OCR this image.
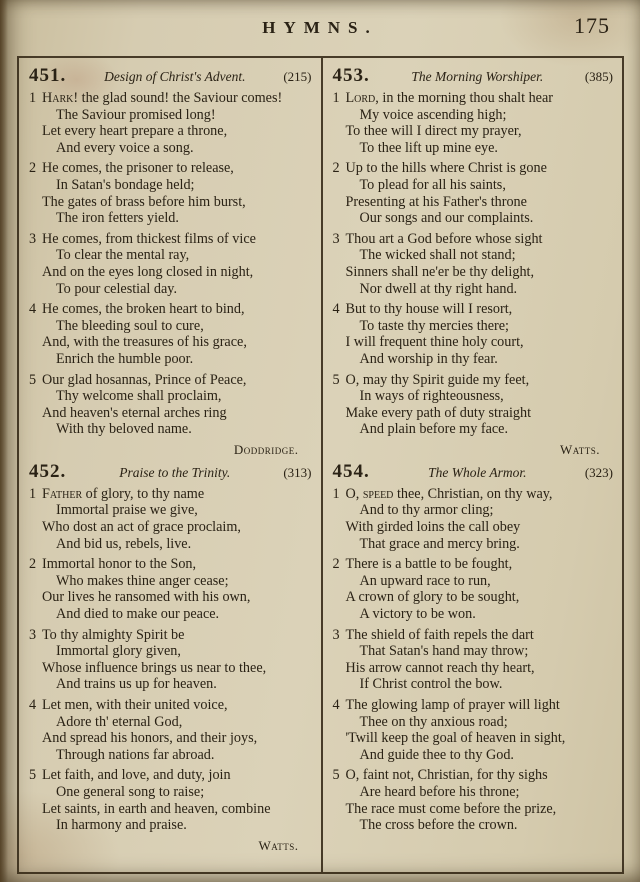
HYMNS.	175
451.	Design of Christ's Advent.	(215)
1 Hark! the glad sound! the Saviour comes!
The Saviour promised long!
Let every heart prepare a throne,
And every voice a song.
2 He comes, the prisoner to release,
In Satan's bondage held;
The gates of brass before him burst,
The iron fetters yield.
3 He comes, from thickest films of vice
To clear the mental ray,
And on the eyes long closed in night,
To pour celestial day.
4 He comes, the broken heart to bind,
The bleeding soul to cure,
And, with the treasures of his grace,
Enrich the humble poor.
5 Our glad hosannas, Prince of Peace,
Thy welcome shall proclaim,
And heaven's eternal arches ring
With thy beloved name.
Doddridge.
452.	Praise to the Trinity.	(313)
1 Father of glory, to thy name
Immortal praise we give,
Who dost an act of grace proclaim,
And bid us, rebels, live.
2 Immortal honor to the Son,
Who makes thine anger cease;
Our lives he ransomed with his own,
And died to make our peace.
3 To thy almighty Spirit be
Immortal glory given,
Whose influence brings us near to thee,
And trains us up for heaven.
4 Let men, with their united voice,
Adore th' eternal God,
And spread his honors, and their joys,
Through nations far abroad.
5 Let faith, and love, and duty, join
One general song to raise;
Let saints, in earth and heaven, combine
In harmony and praise.
Watts.
453.	The Morning Worshiper.	(385)
1 Lord, in the morning thou shalt hear
My voice ascending high;
To thee will I direct my prayer,
To thee lift up mine eye.
2 Up to the hills where Christ is gone
To plead for all his saints,
Presenting at his Father's throne
Our songs and our complaints.
3 Thou art a God before whose sight
The wicked shall not stand;
Sinners shall ne'er be thy delight,
Nor dwell at thy right hand.
4 But to thy house will I resort,
To taste thy mercies there;
I will frequent thine holy court,
And worship in thy fear.
5 O, may thy Spirit guide my feet,
In ways of righteousness,
Make every path of duty straight
And plain before my face.
Watts.
454.	The Whole Armor.	(323)
1 O, speed thee, Christian, on thy way,
And to thy armor cling;
With girded loins the call obey
That grace and mercy bring.
2 There is a battle to be fought,
An upward race to run,
A crown of glory to be sought,
A victory to be won.
3 The shield of faith repels the dart
That Satan's hand may throw;
His arrow cannot reach thy heart,
If Christ control the bow.
4 The glowing lamp of prayer will light
Thee on thy anxious road;
'Twill keep the goal of heaven in sight,
And guide thee to thy God.
5 O, faint not, Christian, for thy sighs
Are heard before his throne;
The race must come before the prize,
The cross before the crown.
